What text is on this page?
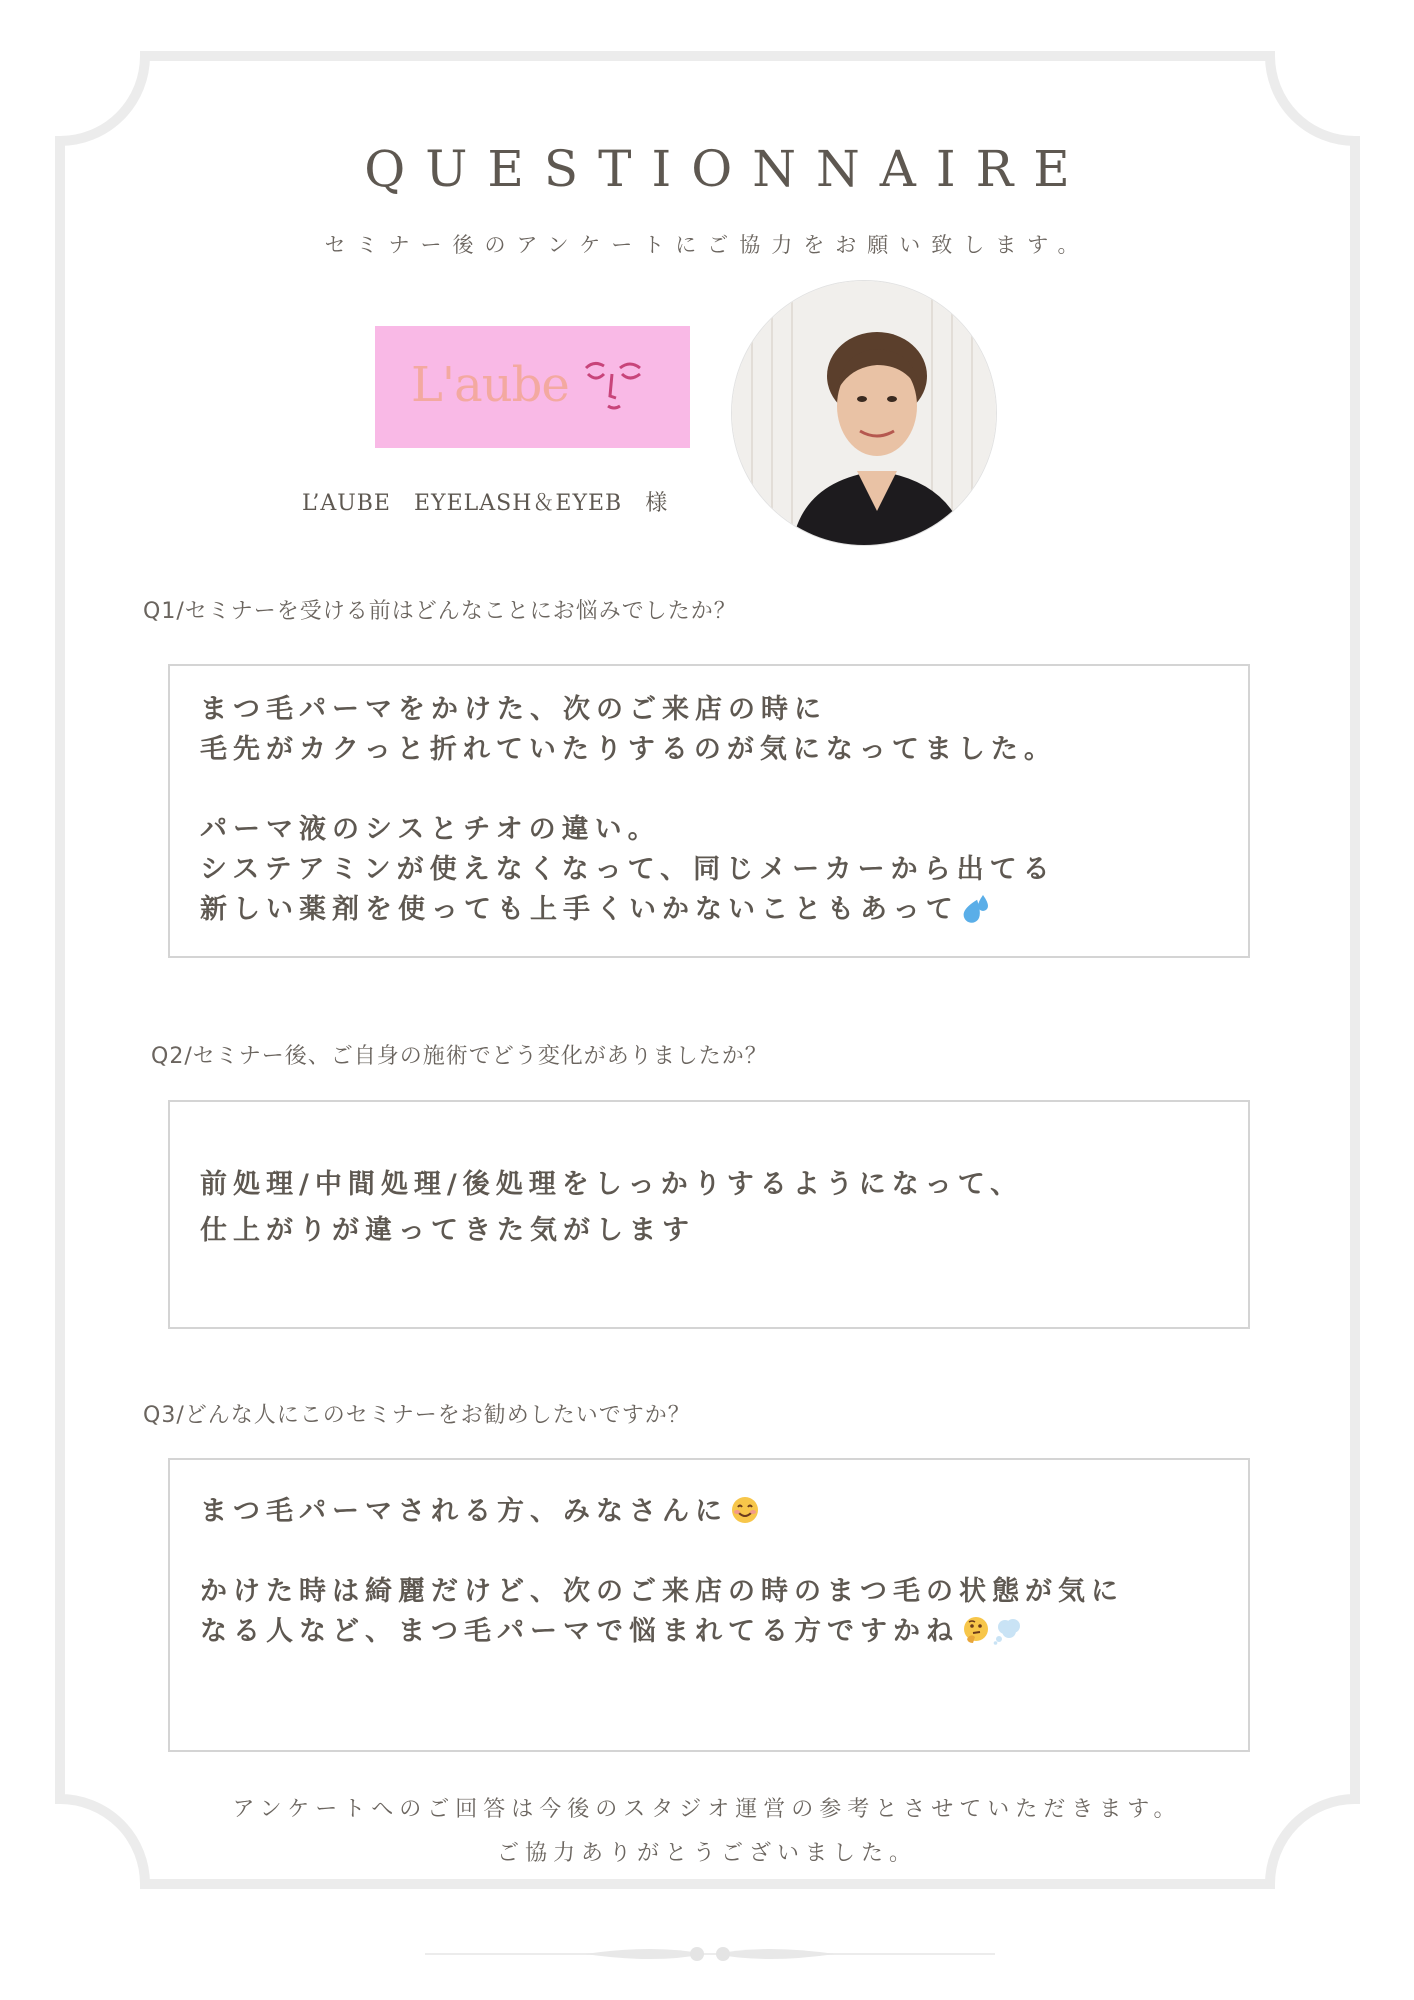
QUESTIONNAIRE
セミナー後のアンケートにご協力をお願い致します。
L'aube
L’AUBE　EYELASH＆EYEB　様
Q1/セミナーを受ける前はどんなことにお悩みでしたか？
まつ毛パーマをかけた、次のご来店の時に
毛先がカクっと折れていたりするのが気になってました。
パーマ液のシスとチオの違い。
システアミンが使えなくなって、同じメーカーから出てる
新しい薬剤を使っても上手くいかないこともあって
Q2/セミナー後、ご自身の施術でどう変化がありましたか？
前処理/中間処理/後処理をしっかりするようになって、
仕上がりが違ってきた気がします
Q3/どんな人にこのセミナーをお勧めしたいですか？
まつ毛パーマされる方、みなさんに
かけた時は綺麗だけど、次のご来店の時のまつ毛の状態が気に
なる人など、まつ毛パーマで悩まれてる方ですかね
アンケートへのご回答は今後のスタジオ運営の参考とさせていただきます。
ご協力ありがとうございました。
